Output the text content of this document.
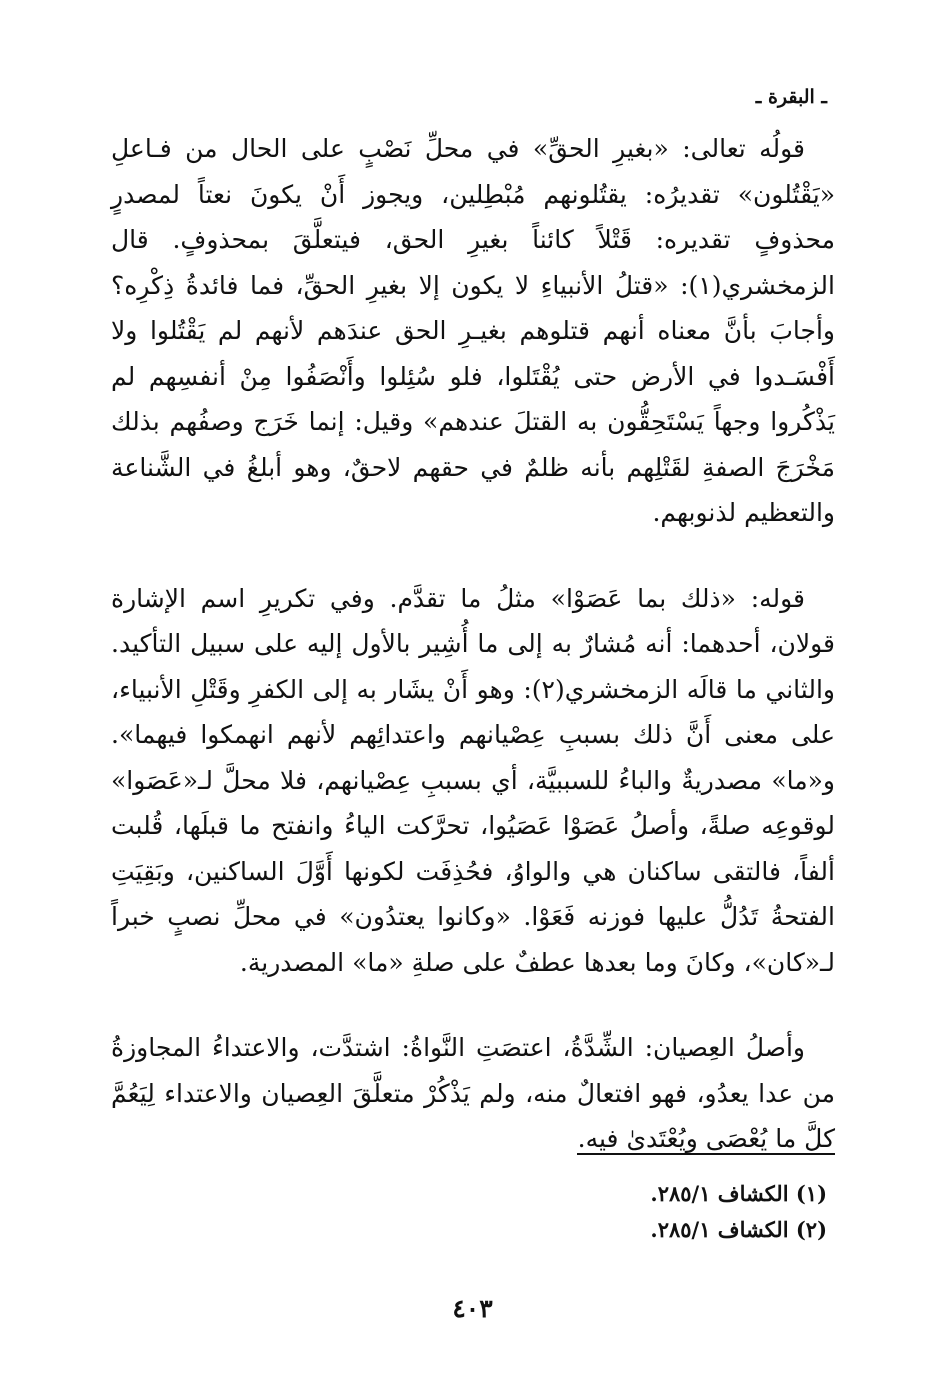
ـ البقرة ـ

قولُه تعالى: «بغيرِ الحقِّ» في محلِّ نَصْبٍ على الحال من فـاعلِ «يَقْتُلون» تقديرُه: يقتُلونهم مُبْطِلين، ويجوز أَنْ يكونَ نعتاً لمصدرٍ محذوفٍ تقديره: قَتْلاً كائناً بغيرِ الحق، فيتعلَّقَ بمحذوفٍ. قال الزمخشري(١): «قتلُ الأنبياءِ لا يكون إلا بغيرِ الحقِّ، فما فائدةُ ذِكْرِه؟ وأجابَ بأنَّ معناه أنهم قتلوهم بغيـرِ الحق عندَهم لأنهم لم يَقْتُلوا ولا أَفْسَـدوا في الأرض حتى يُقْتَلوا، فلو سُئِلوا وأَنْصَفُوا مِنْ أنفسِهم لم يَذْكُروا وجهاً يَسْتَحِقُّون به القتلَ عندهم» وقيل: إنما خَرَج وصفُهم بذلك مَخْرَجَ الصفةِ لقَتْلِهم بأنه ظلمٌ في حقهم لاحقٌ، وهو أبلغُ في الشَّناعة والتعظيم لذنوبهم.

قوله: «ذلك بما عَصَوْا» مثلُ ما تقدَّم. وفي تكريرِ اسم الإشارة قولان، أحدهما: أنه مُشارٌ به إلى ما أُشِير بالأول إليه على سبيل التأكيد. والثاني ما قالَه الزمخشري(٢): وهو أَنْ يشَار به إلى الكفرِ وقَتْلِ الأنبياء، على معنى أَنَّ ذلك بسببِ عِصْيانهم واعتدائِهم لأنهم انهمكوا فيهما». و«ما» مصدريةٌ والباءُ للسببيَّة، أي بسببِ عِصْيانهم، فلا محلَّ لـ«عَصَوا» لوقوعِه صلةً، وأصلُ عَصَوْا عَصَيُوا، تحرَّكت الياءُ وانفتح ما قبلَها، قُلبت ألفاً، فالتقى ساكنان هي والواوُ، فحُذِفَت لكونها أَوَّلَ الساكنين، وبَقِيَتِ الفتحةُ تَدُلُّ عليها فوزنه فَعَوْا. «وكانوا يعتدُون» في محلِّ نصبٍ خبراً لـ«كان»، وكانَ وما بعدها عطفٌ على صلةِ «ما» المصدرية.

وأصلُ العِصيان: الشِّدَّةُ، اعتصَتِ النَّواةُ: اشتدَّت، والاعتداءُ المجاوزةُ من عدا يعدُو، فهو افتعالٌ منه، ولم يَذْكُرْ متعلَّقَ العِصيان والاعتداء لِيَعُمَّ كلَّ ما يُعْصَى ويُعْتَدىٰ فيه.

(١) الكشاف ٢٨٥/١.
(٢) الكشاف ٢٨٥/١.
٤٠٣
